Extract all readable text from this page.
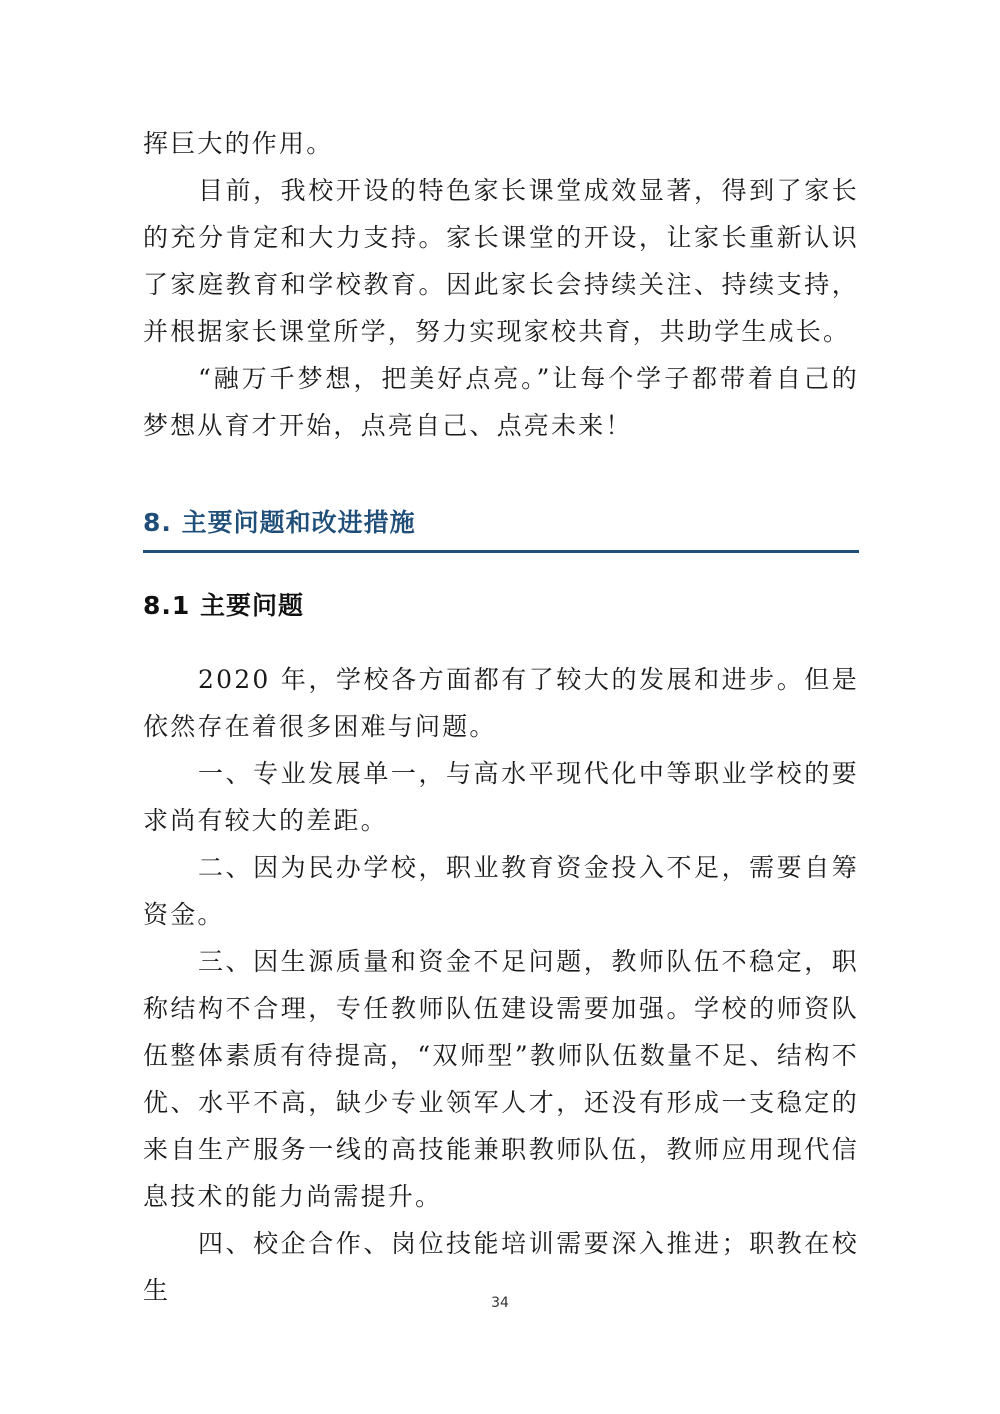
挥巨大的作用。

目前，我校开设的特色家长课堂成效显著，得到了家长的充分肯定和大力支持。家长课堂的开设，让家长重新认识了家庭教育和学校教育。因此家长会持续关注、持续支持，并根据家长课堂所学，努力实现家校共育，共助学生成长。

“融万千梦想，把美好点亮。”让每个学子都带着自己的梦想从育才开始，点亮自己、点亮未来！

8. 主要问题和改进措施
8.1 主要问题

2020 年，学校各方面都有了较大的发展和进步。但是依然存在着很多困难与问题。

一、专业发展单一，与高水平现代化中等职业学校的要求尚有较大的差距。

二、因为民办学校，职业教育资金投入不足，需要自筹资金。

三、因生源质量和资金不足问题，教师队伍不稳定，职称结构不合理，专任教师队伍建设需要加强。学校的师资队伍整体素质有待提高，“双师型”教师队伍数量不足、结构不优、水平不高，缺少专业领军人才，还没有形成一支稳定的来自生产服务一线的高技能兼职教师队伍，教师应用现代信息技术的能力尚需提升。

四、校企合作、岗位技能培训需要深入推进；职教在校生	34
